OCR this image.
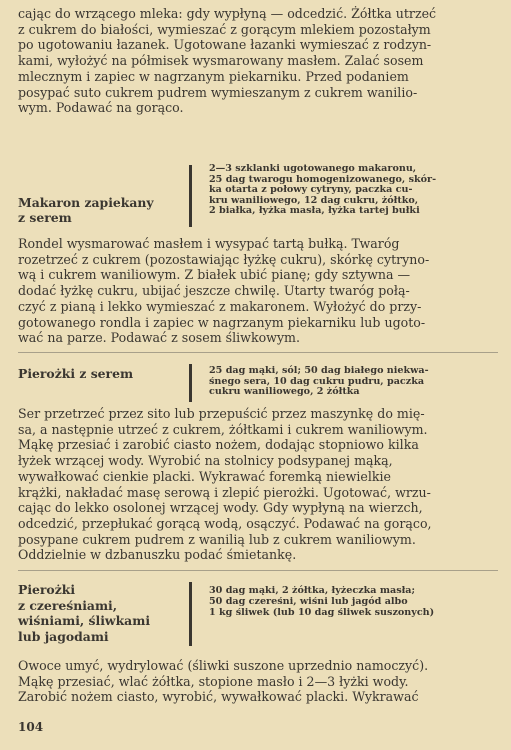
cając do wrzącego mleka: gdy wypłyną — odcedzić. Żółtka utrzeć
z cukrem do białości, wymieszać z gorącym mlekiem pozostałym
po ugotowaniu łazanek. Ugotowane łazanki wymieszać z rodzyn-
kami, wyłożyć na półmisek wysmarowany masłem. Zalać sosem
mlecznym i zapiec w nagrzanym piekarniku. Przed podaniem
posypać suto cukrem pudrem wymieszanym z cukrem wanilio-
wym. Podawać na gorąco.
Makaron zapiekany
z serem
2—3 szklanki ugotowanego makaronu,
25 dag twarogu homogenizowanego, skór-
ka otarta z połowy cytryny, paczka cu-
kru waniliowego, 12 dag cukru, żółtko,
2 białka, łyżka masła, łyżka tartej bułki
Rondel wysmarować masłem i wysypać tartą bułką. Twaróg
rozetrzeć z cukrem (pozostawiając łyżkę cukru), skórkę cytryno-
wą i cukrem waniliowym. Z białek ubić pianę; gdy sztywna —
dodać łyżkę cukru, ubijać jeszcze chwilę. Utarty twaróg połą-
czyć z pianą i lekko wymieszać z makaronem. Wyłożyć do przy-
gotowanego rondla i zapiec w nagrzanym piekarniku lub ugoto-
wać na parze. Podawać z sosem śliwkowym.
Pierożki z serem	25 dag mąki, sól; 50 dag białego niekwa-
śnego sera, 10 dag cukru pudru, paczka
cukru waniliowego, 2 żółtka
Ser przetrzeć przez sito lub przepuścić przez maszynkę do mię-
sa, a następnie utrzeć z cukrem, żółtkami i cukrem waniliowym.
Mąkę przesiać i zarobić ciasto nożem, dodając stopniowo kilka
łyżek wrzącej wody. Wyrobić na stolnicy podsypanej mąką,
wywałkować cienkie placki. Wykrawać foremką niewielkie
krążki, nakładać masę serową i zlepić pierożki. Ugotować, wrzu-
cając do lekko osolonej wrzącej wody. Gdy wypłyną na wierzch,
odcedzić, przepłukać gorącą wodą, osączyć. Podawać na gorąco,
posypane cukrem pudrem z wanilią lub z cukrem waniliowym.
Oddzielnie w dzbanuszku podać śmietankę.
Pierożki
z czereśniami,
wiśniami, śliwkami
lub jagodami
30 dag mąki, 2 żółtka, łyżeczka masła;
50 dag czereśni, wiśni lub jagód albo
1 kg śliwek (lub 10 dag śliwek suszonych)
Owoce umyć, wydrylować (śliwki suszone uprzednio namoczyć).
Mąkę przesiać, wlać żółtka, stopione masło i 2—3 łyżki wody.
Zarobić nożem ciasto, wyrobić, wywałkować placki. Wykrawać
104
